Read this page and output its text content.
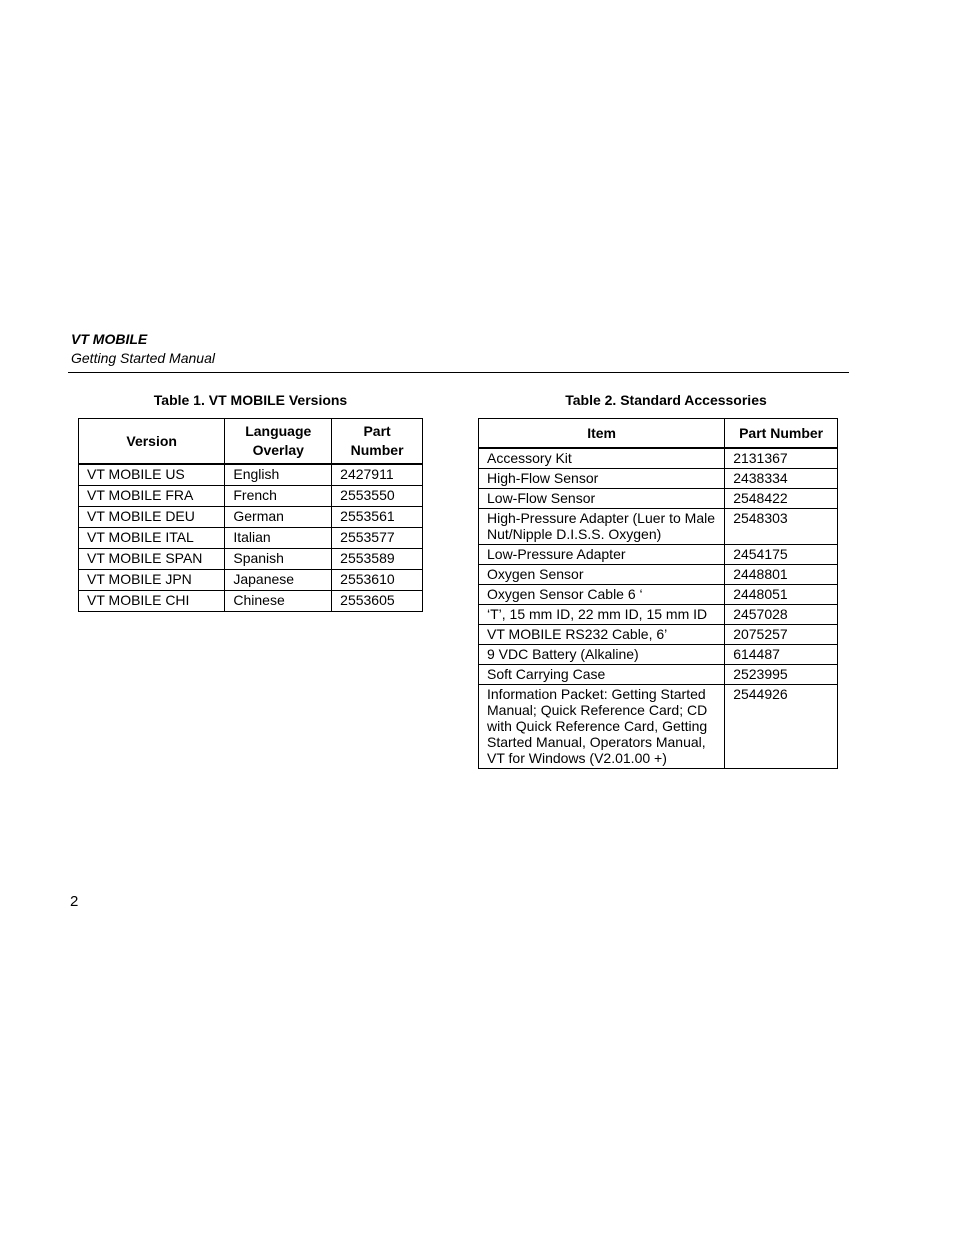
VT MOBILE
Getting Started Manual
Table 1. VT MOBILE Versions
Version	Language Overlay	Part Number
VT MOBILE US	English	2427911
VT MOBILE FRA	French	2553550
VT MOBILE DEU	German	2553561
VT MOBILE ITAL	Italian	2553577
VT MOBILE SPAN	Spanish	2553589
VT MOBILE JPN	Japanese	2553610
VT MOBILE CHI	Chinese	2553605
Table 2. Standard Accessories
Item	Part Number
Accessory Kit	2131367
High-Flow Sensor	2438334
Low-Flow Sensor	2548422
High-Pressure Adapter (Luer to Male Nut/Nipple D.I.S.S. Oxygen)	2548303
Low-Pressure Adapter	2454175
Oxygen Sensor	2448801
Oxygen Sensor Cable 6 ‘	2448051
‘T’, 15 mm ID, 22 mm ID, 15 mm ID	2457028
VT MOBILE RS232 Cable, 6’	2075257
9 VDC Battery (Alkaline)	614487
Soft Carrying Case	2523995
Information Packet: Getting Started Manual; Quick Reference Card; CD with Quick Reference Card, Getting Started Manual, Operators Manual, VT for Windows (V2.01.00 +)	2544926
2
